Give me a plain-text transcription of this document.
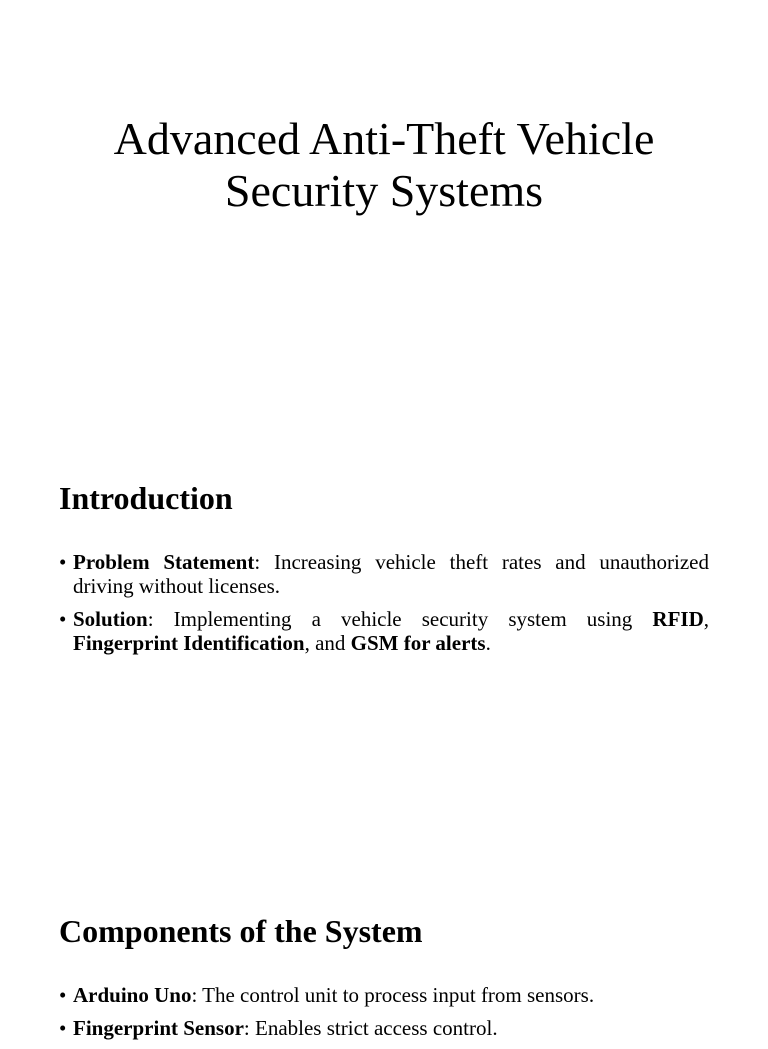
Advanced Anti-Theft Vehicle
Security Systems
Introduction
• Problem Statement: Increasing vehicle theft rates and unauthorized driving without licenses.
• Solution: Implementing a vehicle security system using RFID, Fingerprint Identification, and GSM for alerts.
Components of the System
• Arduino Uno: The control unit to process input from sensors.
• Fingerprint Sensor: Enables strict access control.
